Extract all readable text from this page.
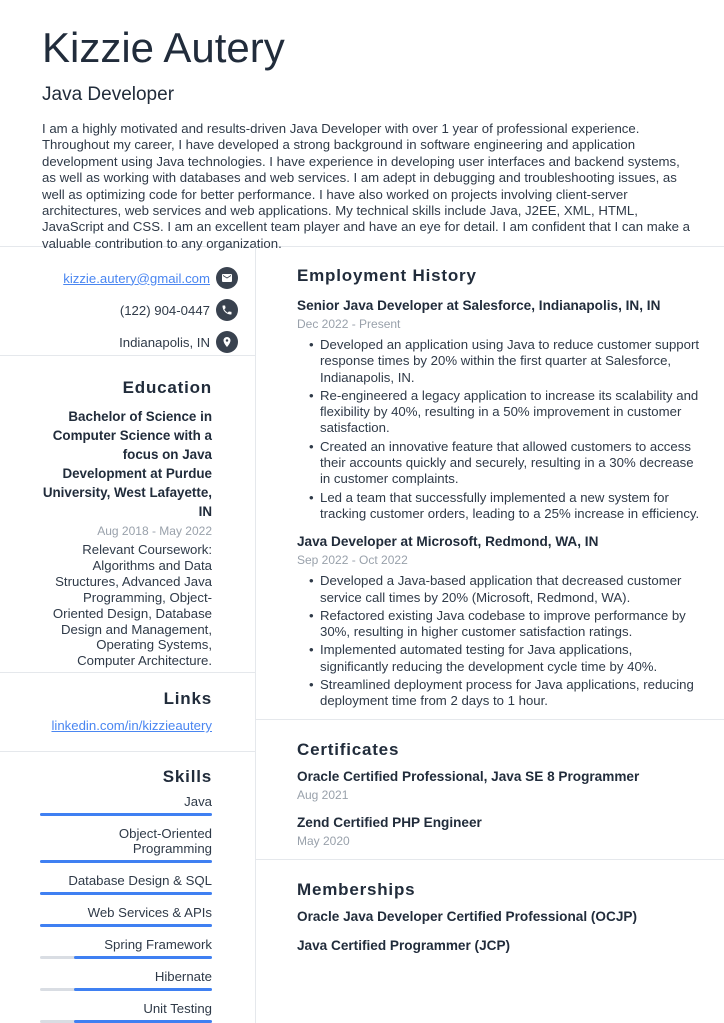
Kizzie Autery
Java Developer
I am a highly motivated and results-driven Java Developer with over 1 year of professional experience. Throughout my career, I have developed a strong background in software engineering and application development using Java technologies. I have experience in developing user interfaces and backend systems, as well as working with databases and web services. I am adept in debugging and troubleshooting issues, as well as optimizing code for better performance. I have also worked on projects involving client-server architectures, web services and web applications. My technical skills include Java, J2EE, XML, HTML, JavaScript and CSS. I am an excellent team player and have an eye for detail. I am confident that I can make a valuable contribution to any organization.
kizzie.autery@gmail.com
(122) 904-0447
Indianapolis, IN
Education
Bachelor of Science in Computer Science with a focus on Java Development at Purdue University, West Lafayette, IN
Aug 2018 - May 2022
Relevant Coursework: Algorithms and Data Structures, Advanced Java Programming, Object-Oriented Design, Database Design and Management, Operating Systems, Computer Architecture.
Links
linkedin.com/in/kizzieautery
Skills
Java
Object-Oriented Programming
Database Design & SQL
Web Services & APIs
Spring Framework
Hibernate
Unit Testing
Employment History
Senior Java Developer at Salesforce, Indianapolis, IN, IN
Dec 2022 - Present
• Developed an application using Java to reduce customer support response times by 20% within the first quarter at Salesforce, Indianapolis, IN.
• Re-engineered a legacy application to increase its scalability and flexibility by 40%, resulting in a 50% improvement in customer satisfaction.
• Created an innovative feature that allowed customers to access their accounts quickly and securely, resulting in a 30% decrease in customer complaints.
• Led a team that successfully implemented a new system for tracking customer orders, leading to a 25% increase in efficiency.
Java Developer at Microsoft, Redmond, WA, IN
Sep 2022 - Oct 2022
• Developed a Java-based application that decreased customer service call times by 20% (Microsoft, Redmond, WA).
• Refactored existing Java codebase to improve performance by 30%, resulting in higher customer satisfaction ratings.
• Implemented automated testing for Java applications, significantly reducing the development cycle time by 40%.
• Streamlined deployment process for Java applications, reducing deployment time from 2 days to 1 hour.
Certificates
Oracle Certified Professional, Java SE 8 Programmer
Aug 2021
Zend Certified PHP Engineer
May 2020
Memberships
Oracle Java Developer Certified Professional (OCJP)
Java Certified Programmer (JCP)
